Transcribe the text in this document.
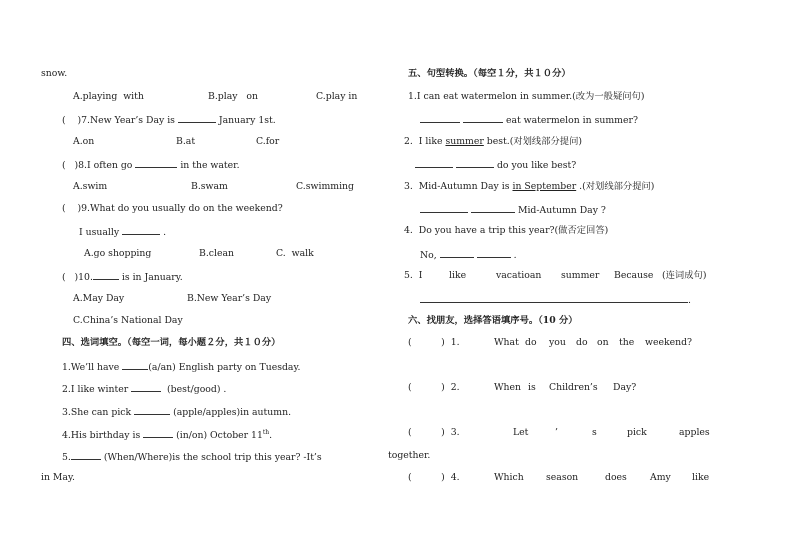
snow.
A.playing  with	B.play   on	C.play in
(    )7.New Year’s Day is	January 1st.
A.on	B.at	C.for
(   )8.I often go	in the water.
A.swim	B.swam	C.swimming
(    )9.What do you usually do on the weekend?
I usually	.
A.go shopping	B.clean	C.  walk
(   )10.	is in January.
A.May Day	B.New Year’s Day
C.China’s National Day
四、选词填空。（每空一词，每小题２分，共１０分）
1.We’ll have	(a/an) English party on Tuesday.
2.I like winter	(best/good) .
3.She can pick	(apple/apples)in autumn.
4.His birthday is	(in/on) October 11th.
5.	(When/Where)is the school trip this year? -It’s
in May.
五、句型转换。（每空１分，共１０分）
1.I can eat watermelon in summer.(改为一般疑问句)
eat watermelon in summer?
2.  I like summer best.(对划线部分提问)
do you like best?
3.  Mid-Autumn Day is in September .(对划线部分提问)
Mid-Autumn Day ?
4.  Do you have a trip this year?(做否定回答)
No,	.
5.  I	like	vacatioan summer Because (连词成句)
.
六、找朋友，选择答语填序号。（10 分）
(          )  1.	What do you do on the weekend?
(          )  2.	When is Children’s Day?
(          )  3.	Let	’	s	pick	apples
together.
(          )  4.	Which season	does Amy like
